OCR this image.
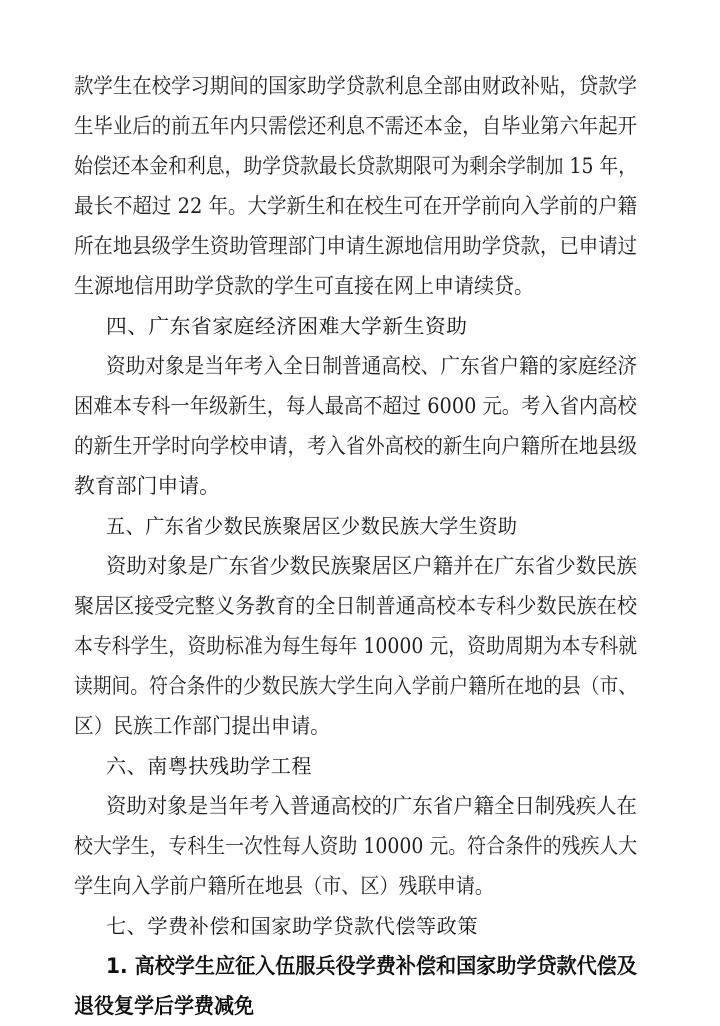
款学生在校学习期间的国家助学贷款利息全部由财政补贴，贷款学
生毕业后的前五年内只需偿还利息不需还本金，自毕业第六年起开
始偿还本金和利息，助学贷款最长贷款期限可为剩余学制加 15 年，
最长不超过 22 年。大学新生和在校生可在开学前向入学前的户籍
所在地县级学生资助管理部门申请生源地信用助学贷款，已申请过
生源地信用助学贷款的学生可直接在网上申请续贷。
四、广东省家庭经济困难大学新生资助
资助对象是当年考入全日制普通高校、广东省户籍的家庭经济
困难本专科一年级新生，每人最高不超过 6000 元。考入省内高校
的新生开学时向学校申请，考入省外高校的新生向户籍所在地县级
教育部门申请。
五、广东省少数民族聚居区少数民族大学生资助
资助对象是广东省少数民族聚居区户籍并在广东省少数民族
聚居区接受完整义务教育的全日制普通高校本专科少数民族在校
本专科学生，资助标准为每生每年 10000 元，资助周期为本专科就
读期间。符合条件的少数民族大学生向入学前户籍所在地的县（市、
区）民族工作部门提出申请。
六、南粤扶残助学工程
资助对象是当年考入普通高校的广东省户籍全日制残疾人在
校大学生，专科生一次性每人资助 10000 元。符合条件的残疾人大
学生向入学前户籍所在地县（市、区）残联申请。
七、学费补偿和国家助学贷款代偿等政策
1. 高校学生应征入伍服兵役学费补偿和国家助学贷款代偿及
退役复学后学费减免
